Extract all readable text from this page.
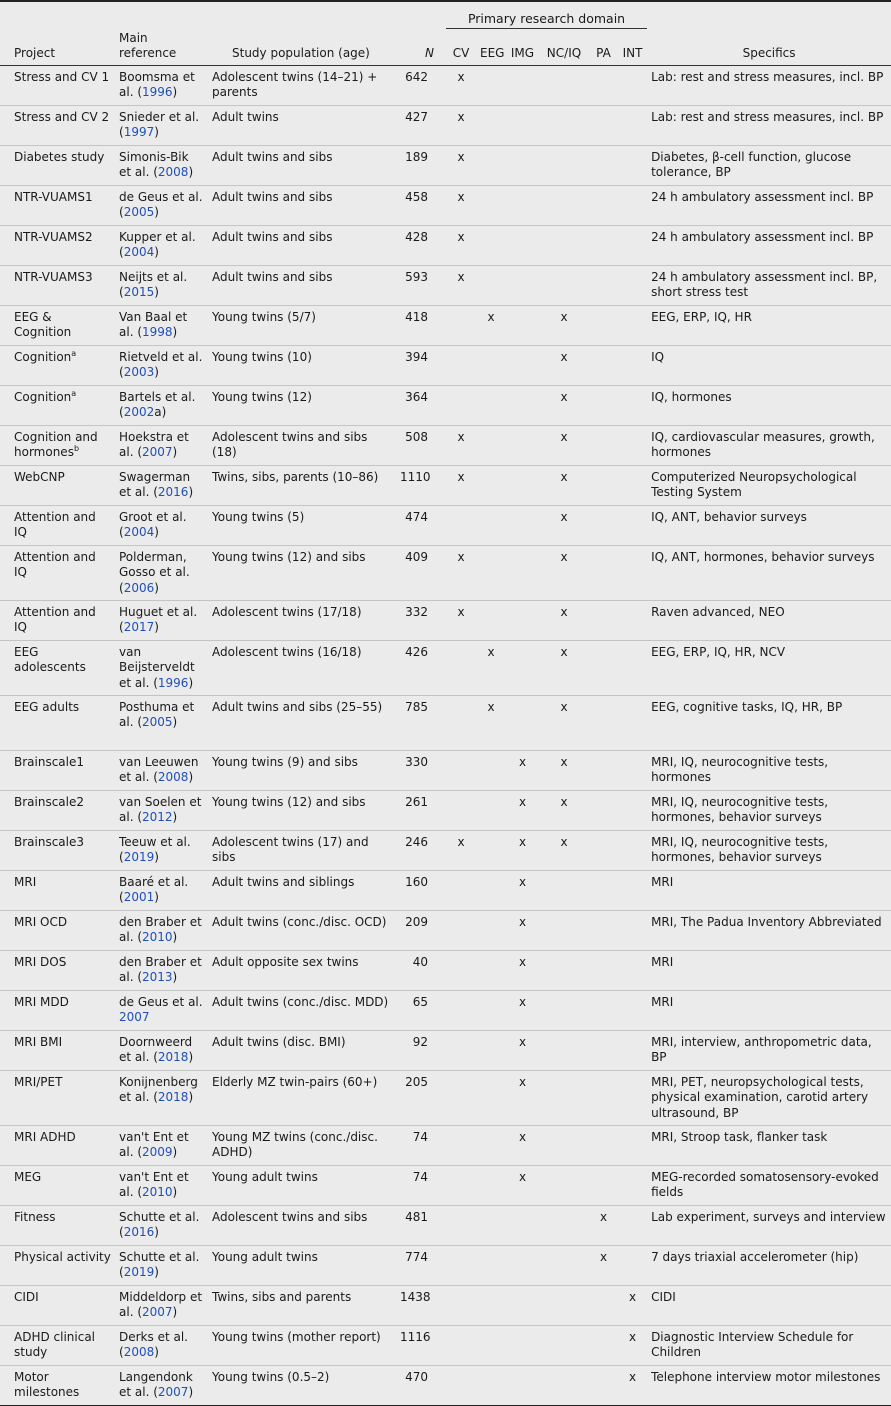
				Primary research domain						
Project	Main reference	Study population (age)	N	CV	EEG	IMG	NC/IQ	PA	INT	Specifics
Stress and CV 1	Boomsma et al. (1996)	Adolescent twins (14–21) + parents	642	x						Lab: rest and stress measures, incl. BP
Stress and CV 2	Snieder et al. (1997)	Adult twins	427	x						Lab: rest and stress measures, incl. BP
Diabetes study	Simonis-Bik et al. (2008)	Adult twins and sibs	189	x						Diabetes, β-cell function, glucose tolerance, BP
NTR-VUAMS1	de Geus et al. (2005)	Adult twins and sibs	458	x						24 h ambulatory assessment incl. BP
NTR-VUAMS2	Kupper et al. (2004)	Adult twins and sibs	428	x						24 h ambulatory assessment incl. BP
NTR-VUAMS3	Neijts et al. (2015)	Adult twins and sibs	593	x						24 h ambulatory assessment incl. BP, short stress test
EEG & Cognition	Van Baal et al. (1998)	Young twins (5/7)	418		x		x			EEG, ERP, IQ, HR
Cognition$^a$	Rietveld et al. (2003)	Young twins (10)	394				x			IQ
Cognition$^a$	Bartels et al. (2002a)	Young twins (12)	364				x			IQ, hormones
Cognition and hormones$^b$	Hoekstra et al. (2007)	Adolescent twins and sibs (18)	508	x			x			IQ, cardiovascular measures, growth, hormones
WebCNP	Swagerman et al. (2016)	Twins, sibs, parents (10–86)	1110	x			x			Computerized Neuropsychological Testing System
Attention and IQ	Groot et al. (2004)	Young twins (5)	474				x			IQ, ANT, behavior surveys
Attention and IQ	Polderman, Gosso et al. (2006)	Young twins (12) and sibs	409	x			x			IQ, ANT, hormones, behavior surveys
Attention and IQ	Huguet et al. (2017)	Adolescent twins (17/18)	332	x			x			Raven advanced, NEO
EEG adolescents	van Beijsterveldt et al. (1996)	Adolescent twins (16/18)	426		x		x			EEG, ERP, IQ, HR, NCV
EEG adults	Posthuma et al. (2005)	Adult twins and sibs (25–55)	785		x		x			EEG, cognitive tasks, IQ, HR, BP
Brainscale1	van Leeuwen et al. (2008)	Young twins (9) and sibs	330			x	x			MRI, IQ, neurocognitive tests, hormones
Brainscale2	van Soelen et al. (2012)	Young twins (12) and sibs	261			x	x			MRI, IQ, neurocognitive tests, hormones, behavior surveys
Brainscale3	Teeuw et al. (2019)	Adolescent twins (17) and sibs	246	x		x	x			MRI, IQ, neurocognitive tests, hormones, behavior surveys
MRI	Baaré et al. (2001)	Adult twins and siblings	160			x				MRI
MRI OCD	den Braber et al. (2010)	Adult twins (conc./disc. OCD)	209			x				MRI, The Padua Inventory Abbreviated
MRI DOS	den Braber et al. (2013)	Adult opposite sex twins	40			x				MRI
MRI MDD	de Geus et al. 2007	Adult twins (conc./disc. MDD)	65			x				MRI
MRI BMI	Doornweerd et al. (2018)	Adult twins (disc. BMI)	92			x				MRI, interview, anthropometric data, BP
MRI/PET	Konijnenberg et al. (2018)	Elderly MZ twin-pairs (60+)	205			x				MRI, PET, neuropsychological tests, physical examination, carotid artery ultrasound, BP
MRI ADHD	van't Ent et al. (2009)	Young MZ twins (conc./disc. ADHD)	74			x				MRI, Stroop task, flanker task
MEG	van't Ent et al. (2010)	Young adult twins	74			x				MEG-recorded somatosensory-evoked fields
Fitness	Schutte et al. (2016)	Adolescent twins and sibs	481					x		Lab experiment, surveys and interview
Physical activity	Schutte et al. (2019)	Young adult twins	774					x		7 days triaxial accelerometer (hip)
CIDI	Middeldorp et al. (2007)	Twins, sibs and parents	1438						x	CIDI
ADHD clinical study	Derks et al. (2008)	Young twins (mother report)	1116						x	Diagnostic Interview Schedule for Children
Motor milestones	Langendonk et al. (2007)	Young twins (0.5–2)	470						x	Telephone interview motor milestones
